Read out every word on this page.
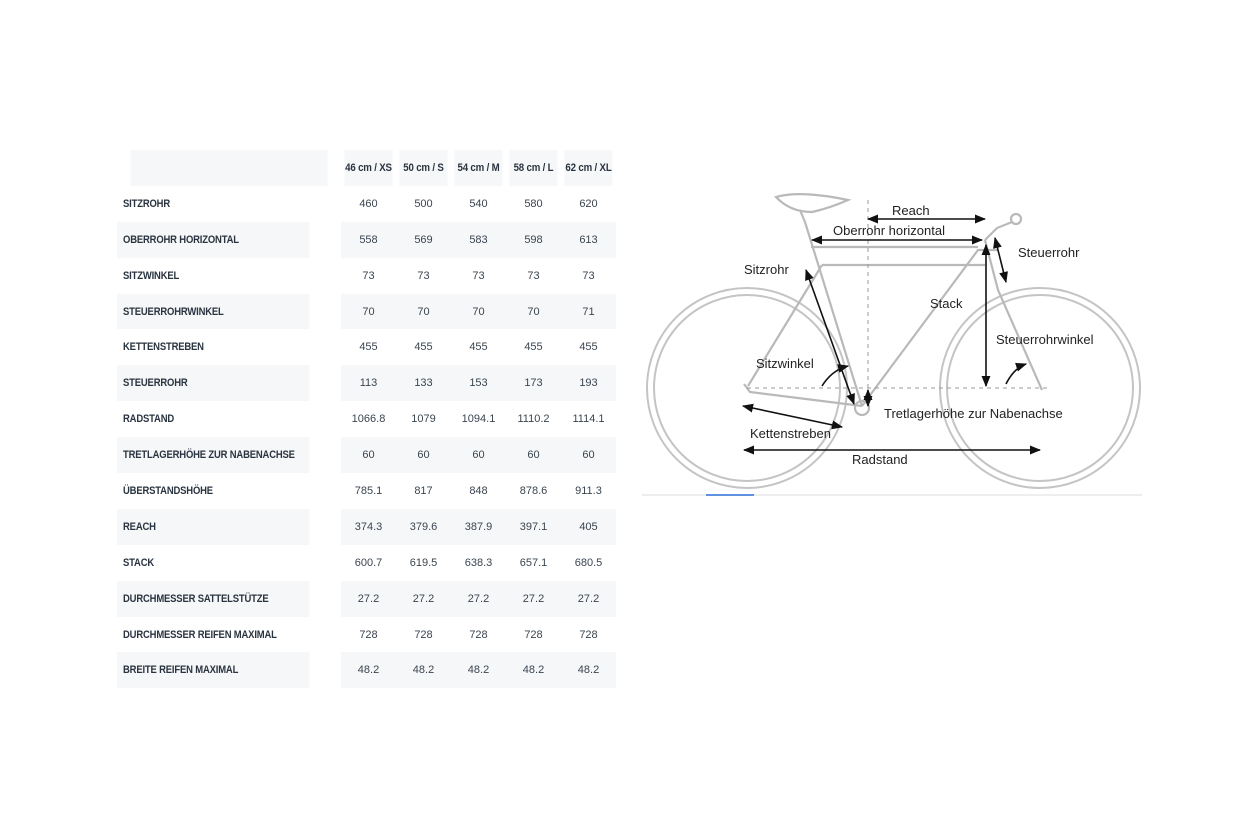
	46 cm / XS	50 cm / S	54 cm / M	58 cm / L	62 cm / XL
SITZROHR	460	500	540	580	620
OBERROHR HORIZONTAL	558	569	583	598	613
SITZWINKEL	73	73	73	73	73
STEUERROHRWINKEL	70	70	70	70	71
KETTENSTREBEN	455	455	455	455	455
STEUERROHR	113	133	153	173	193
RADSTAND	1066.8	1079	1094.1	1110.2	1114.1
TRETLAGERHÖHE ZUR NABENACHSE	60	60	60	60	60
ÜBERSTANDSHÖHE	785.1	817	848	878.6	911.3
REACH	374.3	379.6	387.9	397.1	405
STACK	600.7	619.5	638.3	657.1	680.5
DURCHMESSER SATTELSTÜTZE	27.2	27.2	27.2	27.2	27.2
DURCHMESSER REIFEN MAXIMAL	728	728	728	728	728
BREITE REIFEN MAXIMAL	48.2	48.2	48.2	48.2	48.2
Reach
Oberrohr horizontal
Steuerrohr
Sitzrohr
Stack
Steuerrohrwinkel
Sitzwinkel
Tretlagerhöhe zur Nabenachse
Kettenstreben
Radstand
